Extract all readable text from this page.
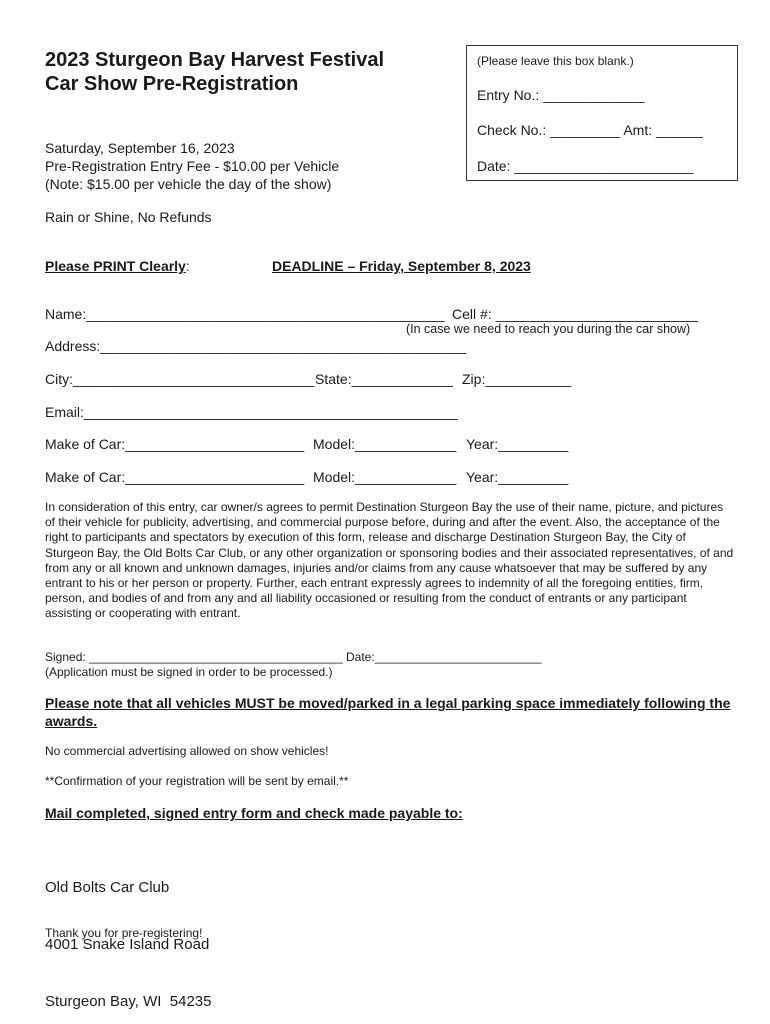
2023 Sturgeon Bay Harvest Festival
Car Show Pre-Registration
(Please leave this box blank.)
Entry No.: _____________
Check No.: _________ Amt: ______
Date: _______________________
Saturday, September 16, 2023
Pre-Registration Entry Fee - $10.00 per Vehicle
(Note: $15.00 per vehicle the day of the show)
Rain or Shine, No Refunds
Please PRINT Clearly:	DEADLINE – Friday, September 8, 2023
Name:______________________________________________ Cell #: __________________________
(In case we need to reach you during the car show)
Address:_______________________________________________
City:_______________________________ State:_____________ Zip:___________
Email:________________________________________________
Make of Car:_______________________ Model:_____________ Year:_________
Make of Car:_______________________ Model:_____________ Year:_________
In consideration of this entry, car owner/s agrees to permit Destination Sturgeon Bay the use of their name, picture, and pictures of their vehicle for publicity, advertising, and commercial purpose before, during and after the event. Also, the acceptance of the right to participants and spectators by execution of this form, release and discharge Destination Sturgeon Bay, the City of Sturgeon Bay, the Old Bolts Car Club, or any other organization or sponsoring bodies and their associated representatives, of and from any or all known and unknown damages, injuries and/or claims from any cause whatsoever that may be suffered by any entrant to his or her person or property. Further, each entrant expressly agrees to indemnity of all the foregoing entities, firm, person, and bodies of and from any and all liability occasioned or resulting from the conduct of entrants or any participant assisting or cooperating with entrant.
Signed: ______________________________________ Date:_________________________
(Application must be signed in order to be processed.)
Please note that all vehicles MUST be moved/parked in a legal parking space immediately following the awards.
No commercial advertising allowed on show vehicles!
**Confirmation of your registration will be sent by email.**
Mail completed, signed entry form and check made payable to:

Old Bolts Car Club

4001 Snake Island Road

Sturgeon Bay, WI  54235

Thank you for pre-registering!
